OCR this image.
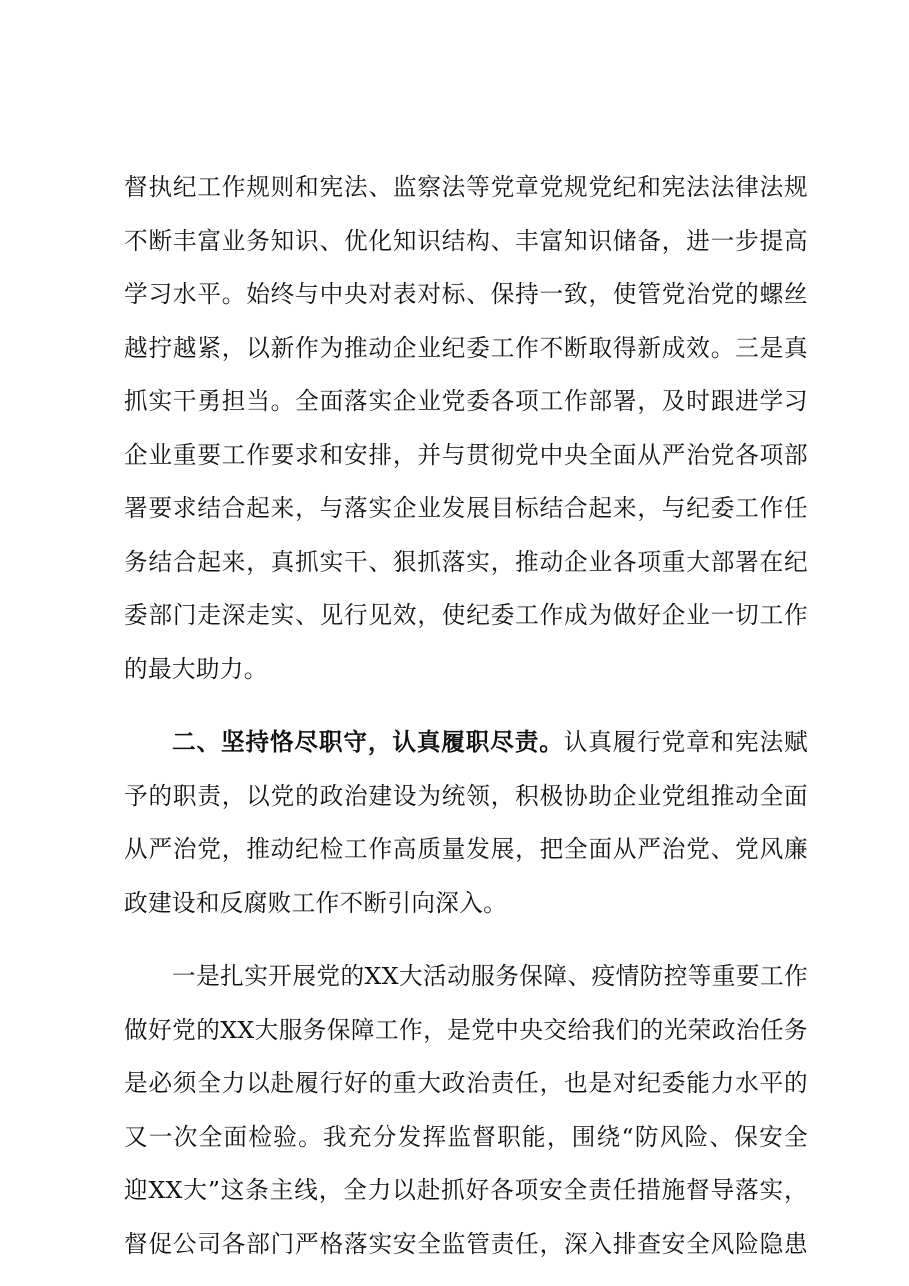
督执纪工作规则和宪法、监察法等党章党规党纪和宪法法律法规
不断丰富业务知识、优化知识结构、丰富知识储备，进一步提高
学习水平。始终与中央对表对标、保持一致，使管党治党的螺丝
越拧越紧，以新作为推动企业纪委工作不断取得新成效。三是真
抓实干勇担当。全面落实企业党委各项工作部署，及时跟进学习
企业重要工作要求和安排，并与贯彻党中央全面从严治党各项部
署要求结合起来，与落实企业发展目标结合起来，与纪委工作任
务结合起来，真抓实干、狠抓落实，推动企业各项重大部署在纪
委部门走深走实、见行见效，使纪委工作成为做好企业一切工作
的最大助力。
二、坚持恪尽职守，认真履职尽责。认真履行党章和宪法赋
予的职责，以党的政治建设为统领，积极协助企业党组推动全面
从严治党，推动纪检工作高质量发展，把全面从严治党、党风廉
政建设和反腐败工作不断引向深入。
一是扎实开展党的XX大活动服务保障、疫情防控等重要工作
做好党的XX大服务保障工作，是党中央交给我们的光荣政治任务
是必须全力以赴履行好的重大政治责任，也是对纪委能力水平的
又一次全面检验。我充分发挥监督职能，围绕“防风险、保安全
迎XX大”这条主线，全力以赴抓好各项安全责任措施督导落实，
督促公司各部门严格落实安全监管责任，深入排查安全风险隐患
